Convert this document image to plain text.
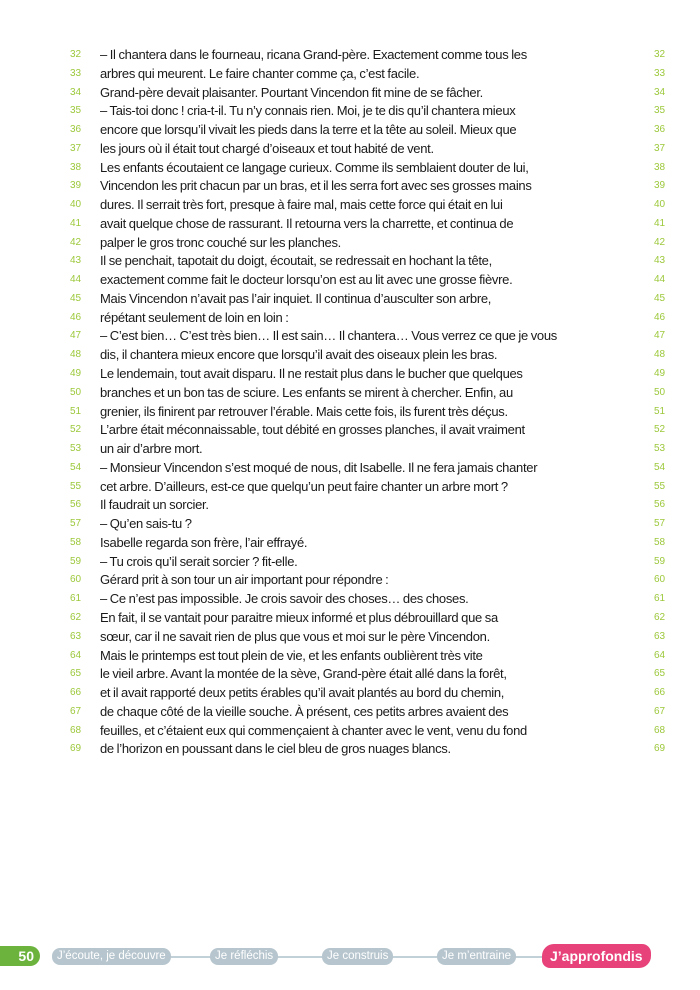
32	– Il chantera dans le fourneau, ricana Grand-père. Exactement comme tous les	32
33	arbres qui meurent. Le faire chanter comme ça, c’est facile.	33
34	Grand-père devait plaisanter. Pourtant Vincendon fit mine de se fâcher.	34
35	– Tais-toi donc ! cria-t-il. Tu n’y connais rien. Moi, je te dis qu’il chantera mieux	35
36	encore que lorsqu’il vivait les pieds dans la terre et la tête au soleil. Mieux que	36
37	les jours où il était tout chargé d’oiseaux et tout habité de vent.	37
38	Les enfants écoutaient ce langage curieux. Comme ils semblaient douter de lui,	38
39	Vincendon les prit chacun par un bras, et il les serra fort avec ses grosses mains	39
40	dures. Il serrait très fort, presque à faire mal, mais cette force qui était en lui	40
41	avait quelque chose de rassurant. Il retourna vers la charrette, et continua de	41
42	palper le gros tronc couché sur les planches.	42
43	Il se penchait, tapotait du doigt, écoutait, se redressait en hochant la tête,	43
44	exactement comme fait le docteur lorsqu’on est au lit avec une grosse fièvre.	44
45	Mais Vincendon n’avait pas l’air inquiet. Il continua d’ausculter son arbre,	45
46	répétant seulement de loin en loin :	46
47	– C’est bien… C’est très bien… Il est sain… Il chantera… Vous verrez ce que je vous	47
48	dis, il chantera mieux encore que lorsqu’il avait des oiseaux plein les bras.	48
49	Le lendemain, tout avait disparu. Il ne restait plus dans le bucher que quelques	49
50	branches et un bon tas de sciure. Les enfants se mirent à chercher. Enfin, au	50
51	grenier, ils finirent par retrouver l’érable. Mais cette fois, ils furent très déçus.	51
52	L’arbre était méconnaissable, tout débité en grosses planches, il avait vraiment	52
53	un air d’arbre mort.	53
54	– Monsieur Vincendon s’est moqué de nous, dit Isabelle. Il ne fera jamais chanter	54
55	cet arbre. D’ailleurs, est-ce que quelqu’un peut faire chanter un arbre mort ?	55
56	Il faudrait un sorcier.	56
57	– Qu’en sais-tu ?	57
58	Isabelle regarda son frère, l’air effrayé.	58
59	– Tu crois qu’il serait sorcier ? fit-elle.	59
60	Gérard prit à son tour un air important pour répondre :	60
61	– Ce n’est pas impossible. Je crois savoir des choses… des choses.	61
62	En fait, il se vantait pour paraitre mieux informé et plus débrouillard que sa	62
63	sœur, car il ne savait rien de plus que vous et moi sur le père Vincendon.	63
64	Mais le printemps est tout plein de vie, et les enfants oublièrent très vite	64
65	le vieil arbre. Avant la montée de la sève, Grand-père était allé dans la forêt,	65
66	et il avait rapporté deux petits érables qu’il avait plantés au bord du chemin,	66
67	de chaque côté de la vieille souche. À présent, ces petits arbres avaient des	67
68	feuilles, et c’étaient eux qui commençaient à chanter avec le vent, venu du fond	68
69	de l’horizon en poussant dans le ciel bleu de gros nuages blancs.	69
50	J’écoute, je découvre	Je réfléchis	Je construis	Je m’entraine	J’approfondis
